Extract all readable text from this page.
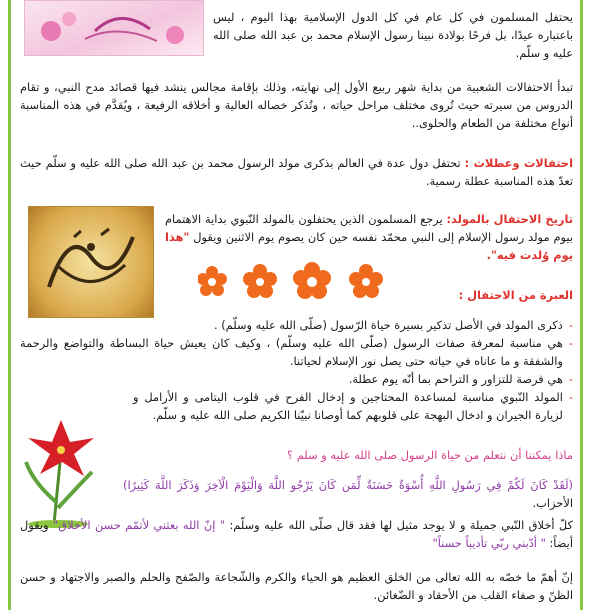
يحتفل المسلمون في كل عام في كل الدول الإسلامية بهذا اليوم ، ليس باعتباره عيدًا، بل فرحًا بولادة نبينا رسول الإسلام محمد بن عبد الله صلى الله عليه و سلّم.

تبدأ الاحتفالات الشعبية من بداية شهر ربيع الأول إلى نهايته، وذلك بإقامة مجالس ينشد فيها قصائد مدح النبي، و تقام الدروس من سيرته حيث تُروى مختلف مراحل حياته ، وتُذكر خصاله العالية و أخلاقه الرفيعة ، ويُقدَّم في هذه المناسبة أنواع مختلفة من الطعام والحلوى..

احتفالات وعطلات : تحتفل دول عدة في العالم بذكرى مولد الرسول محمد بن عبد الله صلى الله عليه و سلّم حيث تعدّ هذه المناسبة عطلة رسمية.

تاريخ الاحتفال بالمولد: يرجع المسلمون الذين يحتفلون بالمولد النّبوي بداية الاهتمام بيوم مولد رسول الإسلام إلى النبي محمّد نفسه حين كان يصوم يوم الاثنين ويقول "هذا يوم وُلدت فيه".

العبرة من الاحتفال :

-
ذكرى المولد في الأصل تذكير بسيرة حياة الرّسول (صلّى الله عليه وسلّم) .

-
هي مناسبة لمعرفة صفات الرسول (صلّى الله عليه وسلّم) ، وكيف كان يعيش حياة البساطة والتواضع والرحمة والشفقة و ما عاناه في حياته حتى يصل نور الإسلام لحياتنا.

-
هي فرصة للتزاور و التراحم بما أنّه يوم عطلة.

-
المولد النّبوي مناسبة لمساعدة المحتاجين و إدخال الفرح في قلوب اليتامى و الأرامل و لزيارة الجيران و ادخال البهجة على قلوبهم كما أوصانا نبيّنا الكريم صلى الله عليه و سلّم.

ماذا يمكننا أن نتعلم من حياة الرسول صلى الله عليه و سلم ؟

(لَقَدْ كَانَ لَكُمْ فِي رَسُولِ اللَّهِ أُسْوَةٌ حَسَنَةٌ لِّمَن كَانَ يَرْجُو اللَّهَ وَالْيَوْمَ الْآخِرَ وَذَكَرَ اللَّهَ كَثِيرًا) الأحزاب.

كلّ أخلاق النّبي جميلة و لا يوجد مثيل لها فقد قال صلّى الله عليه وسلّم: " إنّ الله بعثني لأتمّم حسن الأخلاق" ويقول أيضاً: " أدّبني ربّي تأديباً حسناً"

إنّ أهمّ ما خصّه به الله تعالى من الخلق العظيم هو الحياء والكرم والشّجاعة والصّفح والحلم والصبر والاجتهاد و حسن الظنّ و صفاء القلب من الأحقاد و الضّغائن.
